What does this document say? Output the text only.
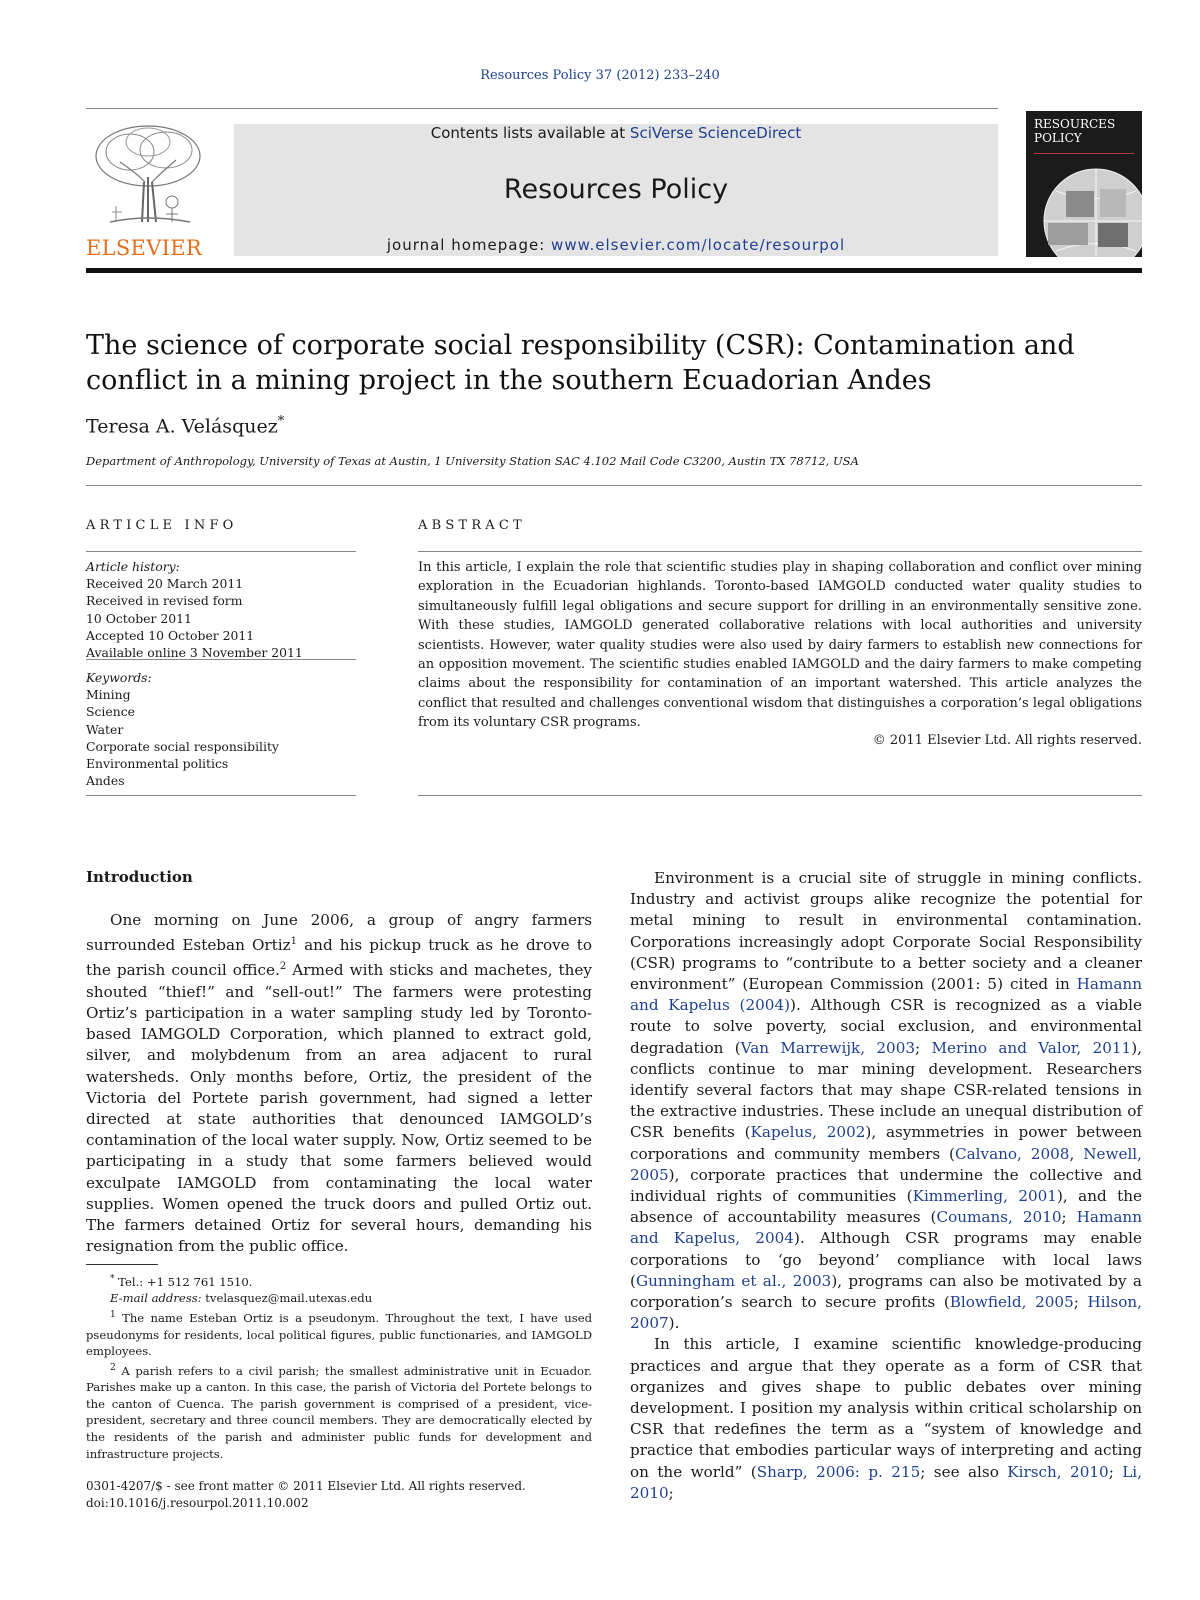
Resources Policy 37 (2012) 233–240
ELSEVIER
Contents lists available at SciVerse ScienceDirect
Resources Policy
journal homepage: www.elsevier.com/locate/resourpol
RESOURCES
POLICY
The science of corporate social responsibility (CSR): Contamination and conflict in a mining project in the southern Ecuadorian Andes
Teresa A. Velásquez*
Department of Anthropology, University of Texas at Austin, 1 University Station SAC 4.102 Mail Code C3200, Austin TX 78712, USA
ARTICLE INFO	ABSTRACT
Article history:
Received 20 March 2011
Received in revised form
10 October 2011
Accepted 10 October 2011
Available online 3 November 2011
Keywords:
Mining
Science
Water
Corporate social responsibility
Environmental politics
Andes
In this article, I explain the role that scientific studies play in shaping collaboration and conflict over mining exploration in the Ecuadorian highlands. Toronto-based IAMGOLD conducted water quality studies to simultaneously fulfill legal obligations and secure support for drilling in an environmentally sensitive zone. With these studies, IAMGOLD generated collaborative relations with local authorities and university scientists. However, water quality studies were also used by dairy farmers to establish new connections for an opposition movement. The scientific studies enabled IAMGOLD and the dairy farmers to make competing claims about the responsibility for contamination of an important watershed. This article analyzes the conflict that resulted and challenges conventional wisdom that distinguishes a corporation’s legal obligations from its voluntary CSR programs.
© 2011 Elsevier Ltd. All rights reserved.
Introduction

One morning on June 2006, a group of angry farmers surrounded Esteban Ortiz$^1$ and his pickup truck as he drove to the parish council office.$^2$ Armed with sticks and machetes, they shouted “thief!” and “sell-out!” The farmers were protesting Ortiz’s participation in a water sampling study led by Toronto-based IAMGOLD Corporation, which planned to extract gold, silver, and molybdenum from an area adjacent to rural watersheds. Only months before, Ortiz, the president of the Victoria del Portete parish government, had signed a letter directed at state authorities that denounced IAMGOLD’s contamination of the local water supply. Now, Ortiz seemed to be participating in a study that some farmers believed would exculpate IAMGOLD from contaminating the local water supplies. Women opened the truck doors and pulled Ortiz out. The farmers detained Ortiz for several hours, demanding his resignation from the public office.

Environment is a crucial site of struggle in mining conflicts. Industry and activist groups alike recognize the potential for metal mining to result in environmental contamination. Corporations increasingly adopt Corporate Social Responsibility (CSR) programs to “contribute to a better society and a cleaner environment” (European Commission (2001: 5) cited in Hamann and Kapelus (2004)). Although CSR is recognized as a viable route to solve poverty, social exclusion, and environmental degradation (Van Marrewijk, 2003; Merino and Valor, 2011), conflicts continue to mar mining development. Researchers identify several factors that may shape CSR-related tensions in the extractive industries. These include an unequal distribution of CSR benefits (Kapelus, 2002), asymmetries in power between corporations and community members (Calvano, 2008, Newell, 2005), corporate practices that undermine the collective and individual rights of communities (Kimmerling, 2001), and the absence of accountability measures (Coumans, 2010; Hamann and Kapelus, 2004). Although CSR programs may enable corporations to ‘go beyond’ compliance with local laws (Gunningham et al., 2003), programs can also be motivated by a corporation’s search to secure profits (Blowfield, 2005; Hilson, 2007).

In this article, I examine scientific knowledge-producing practices and argue that they operate as a form of CSR that organizes and gives shape to public debates over mining development. I position my analysis within critical scholarship on CSR that redefines the term as a “system of knowledge and practice that embodies particular ways of interpreting and acting on the world” (Sharp, 2006: p. 215; see also Kirsch, 2010; Li, 2010;

* Tel.: +1 512 761 1510.

E-mail address: tvelasquez@mail.utexas.edu

$^1$ The name Esteban Ortiz is a pseudonym. Throughout the text, I have used pseudonyms for residents, local political figures, public functionaries, and IAMGOLD employees.

$^2$ A parish refers to a civil parish; the smallest administrative unit in Ecuador. Parishes make up a canton. In this case, the parish of Victoria del Portete belongs to the canton of Cuenca. The parish government is comprised of a president, vice-president, secretary and three council members. They are democratically elected by the residents of the parish and administer public funds for development and infrastructure projects.

0301-4207/$ - see front matter © 2011 Elsevier Ltd. All rights reserved.
doi:10.1016/j.resourpol.2011.10.002
